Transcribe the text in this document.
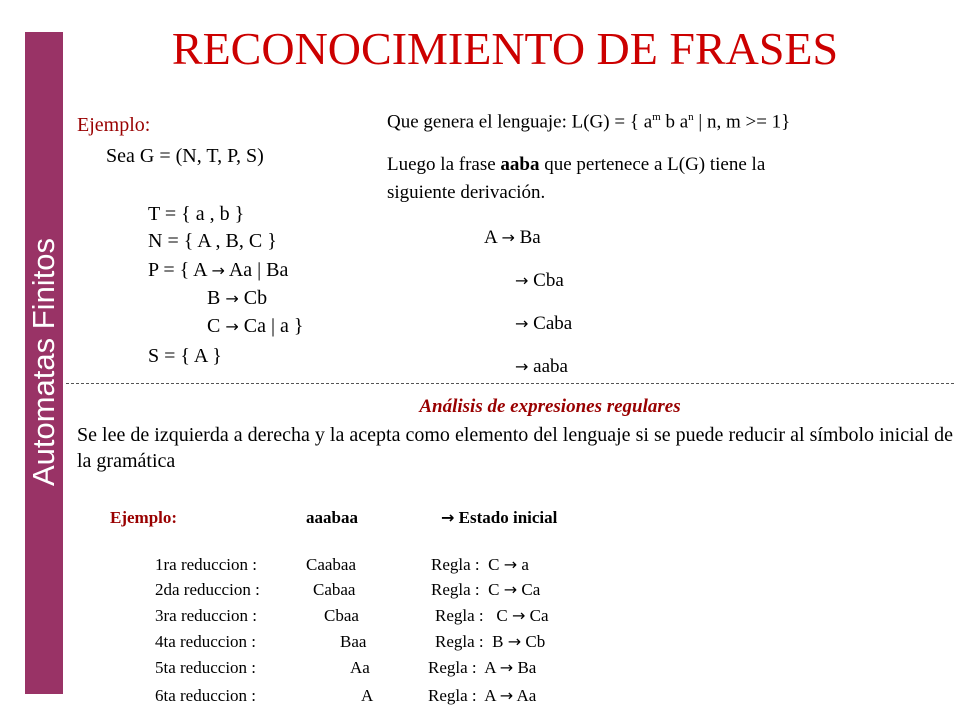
Automatas Finitos
RECONOCIMIENTO DE FRASES
Ejemplo:
Sea G = (N, T, P, S)
T = { a , b }
N = { A , B, C }
P = { A → Aa | Ba
B → Cb
C → Ca | a }
S = { A }
Que genera el lenguaje: L(G) = { $a^m$ b $a^n$ | n, m >= 1}
Luego la frase aaba que pertenece a L(G) tiene la
siguiente derivación.
A → Ba
→ Cba
→ Caba
→ aaba
Análisis de expresiones regulares
Se lee de izquierda a derecha y la acepta como elemento del lenguaje si se puede reducir al símbolo inicial de la gramática
Ejemplo:	aaabaa	→ Estado inicial
1ra reduccion :	Caabaa	Regla : C → a
2da reduccion :	Cabaa	Regla : C → Ca
3ra reduccion :	Cbaa	Regla : C → Ca
4ta reduccion :	Baa	Regla : B → Cb
5ta reduccion :	Aa	Regla : A → Ba
6ta reduccion :	A	Regla : A → Aa
